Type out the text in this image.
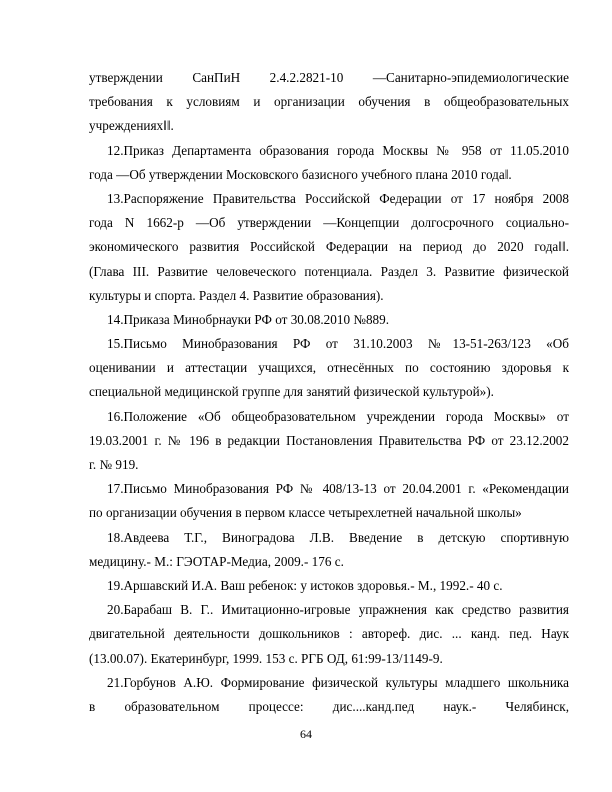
утверждении СанПиН 2.4.2.2821-10 ―Санитарно-эпидемиологические
требования к условиям и организации обучения в общеобразовательных
учреждениях‖‖.
12.Приказ Департамента образования города Москвы № 958 от 11.05.2010
года ―Об утверждении Московского базисного учебного плана 2010 года‖.
13.Распоряжение Правительства Российской Федерации от 17 ноября 2008
года N 1662-р ―Об утверждении ―Концепции долгосрочного социально-
экономического развития Российской Федерации на период до 2020 года‖‖.
(Глава III. Развитие человеческого потенциала. Раздел 3. Развитие физической
культуры и спорта. Раздел 4. Развитие образования).
14.Приказа Минобрнауки РФ от 30.08.2010 №889.
15.Письмо Минобразования РФ от 31.10.2003 №13-51-263/123 «Об
оценивании и аттестации учащихся, отнесённых по состоянию здоровья к
специальной медицинской группе для занятий физической культурой»).
16.Положение «Об общеобразовательном учреждении города Москвы» от
19.03.2001 г. № 196 в редакции Постановления Правительства РФ от 23.12.2002
г. № 919.
17.Письмо Минобразования РФ № 408/13-13 от 20.04.2001 г. «Рекомендации
по организации обучения в первом классе четырехлетней начальной школы»
18.Авдеева Т.Г., Виноградова Л.В. Введение в детскую спортивную
медицину.- М.: ГЭОТАР-Медиа, 2009.- 176 с.
19.Аршавский И.А. Ваш ребенок: у истоков здоровья.- М., 1992.- 40 с.
20.Барабаш В. Г.. Имитационно-игровые упражнения как средство развития
двигательной деятельности дошкольников : автореф. дис. ... канд. пед. Наук
(13.00.07). Екатеринбург, 1999. 153 с. РГБ ОД, 61:99-13/1149-9.
21.Горбунов А.Ю. Формирование физической культуры младшего школьника
в образовательном процессе: дис....канд.пед наук.- Челябинск,
64
